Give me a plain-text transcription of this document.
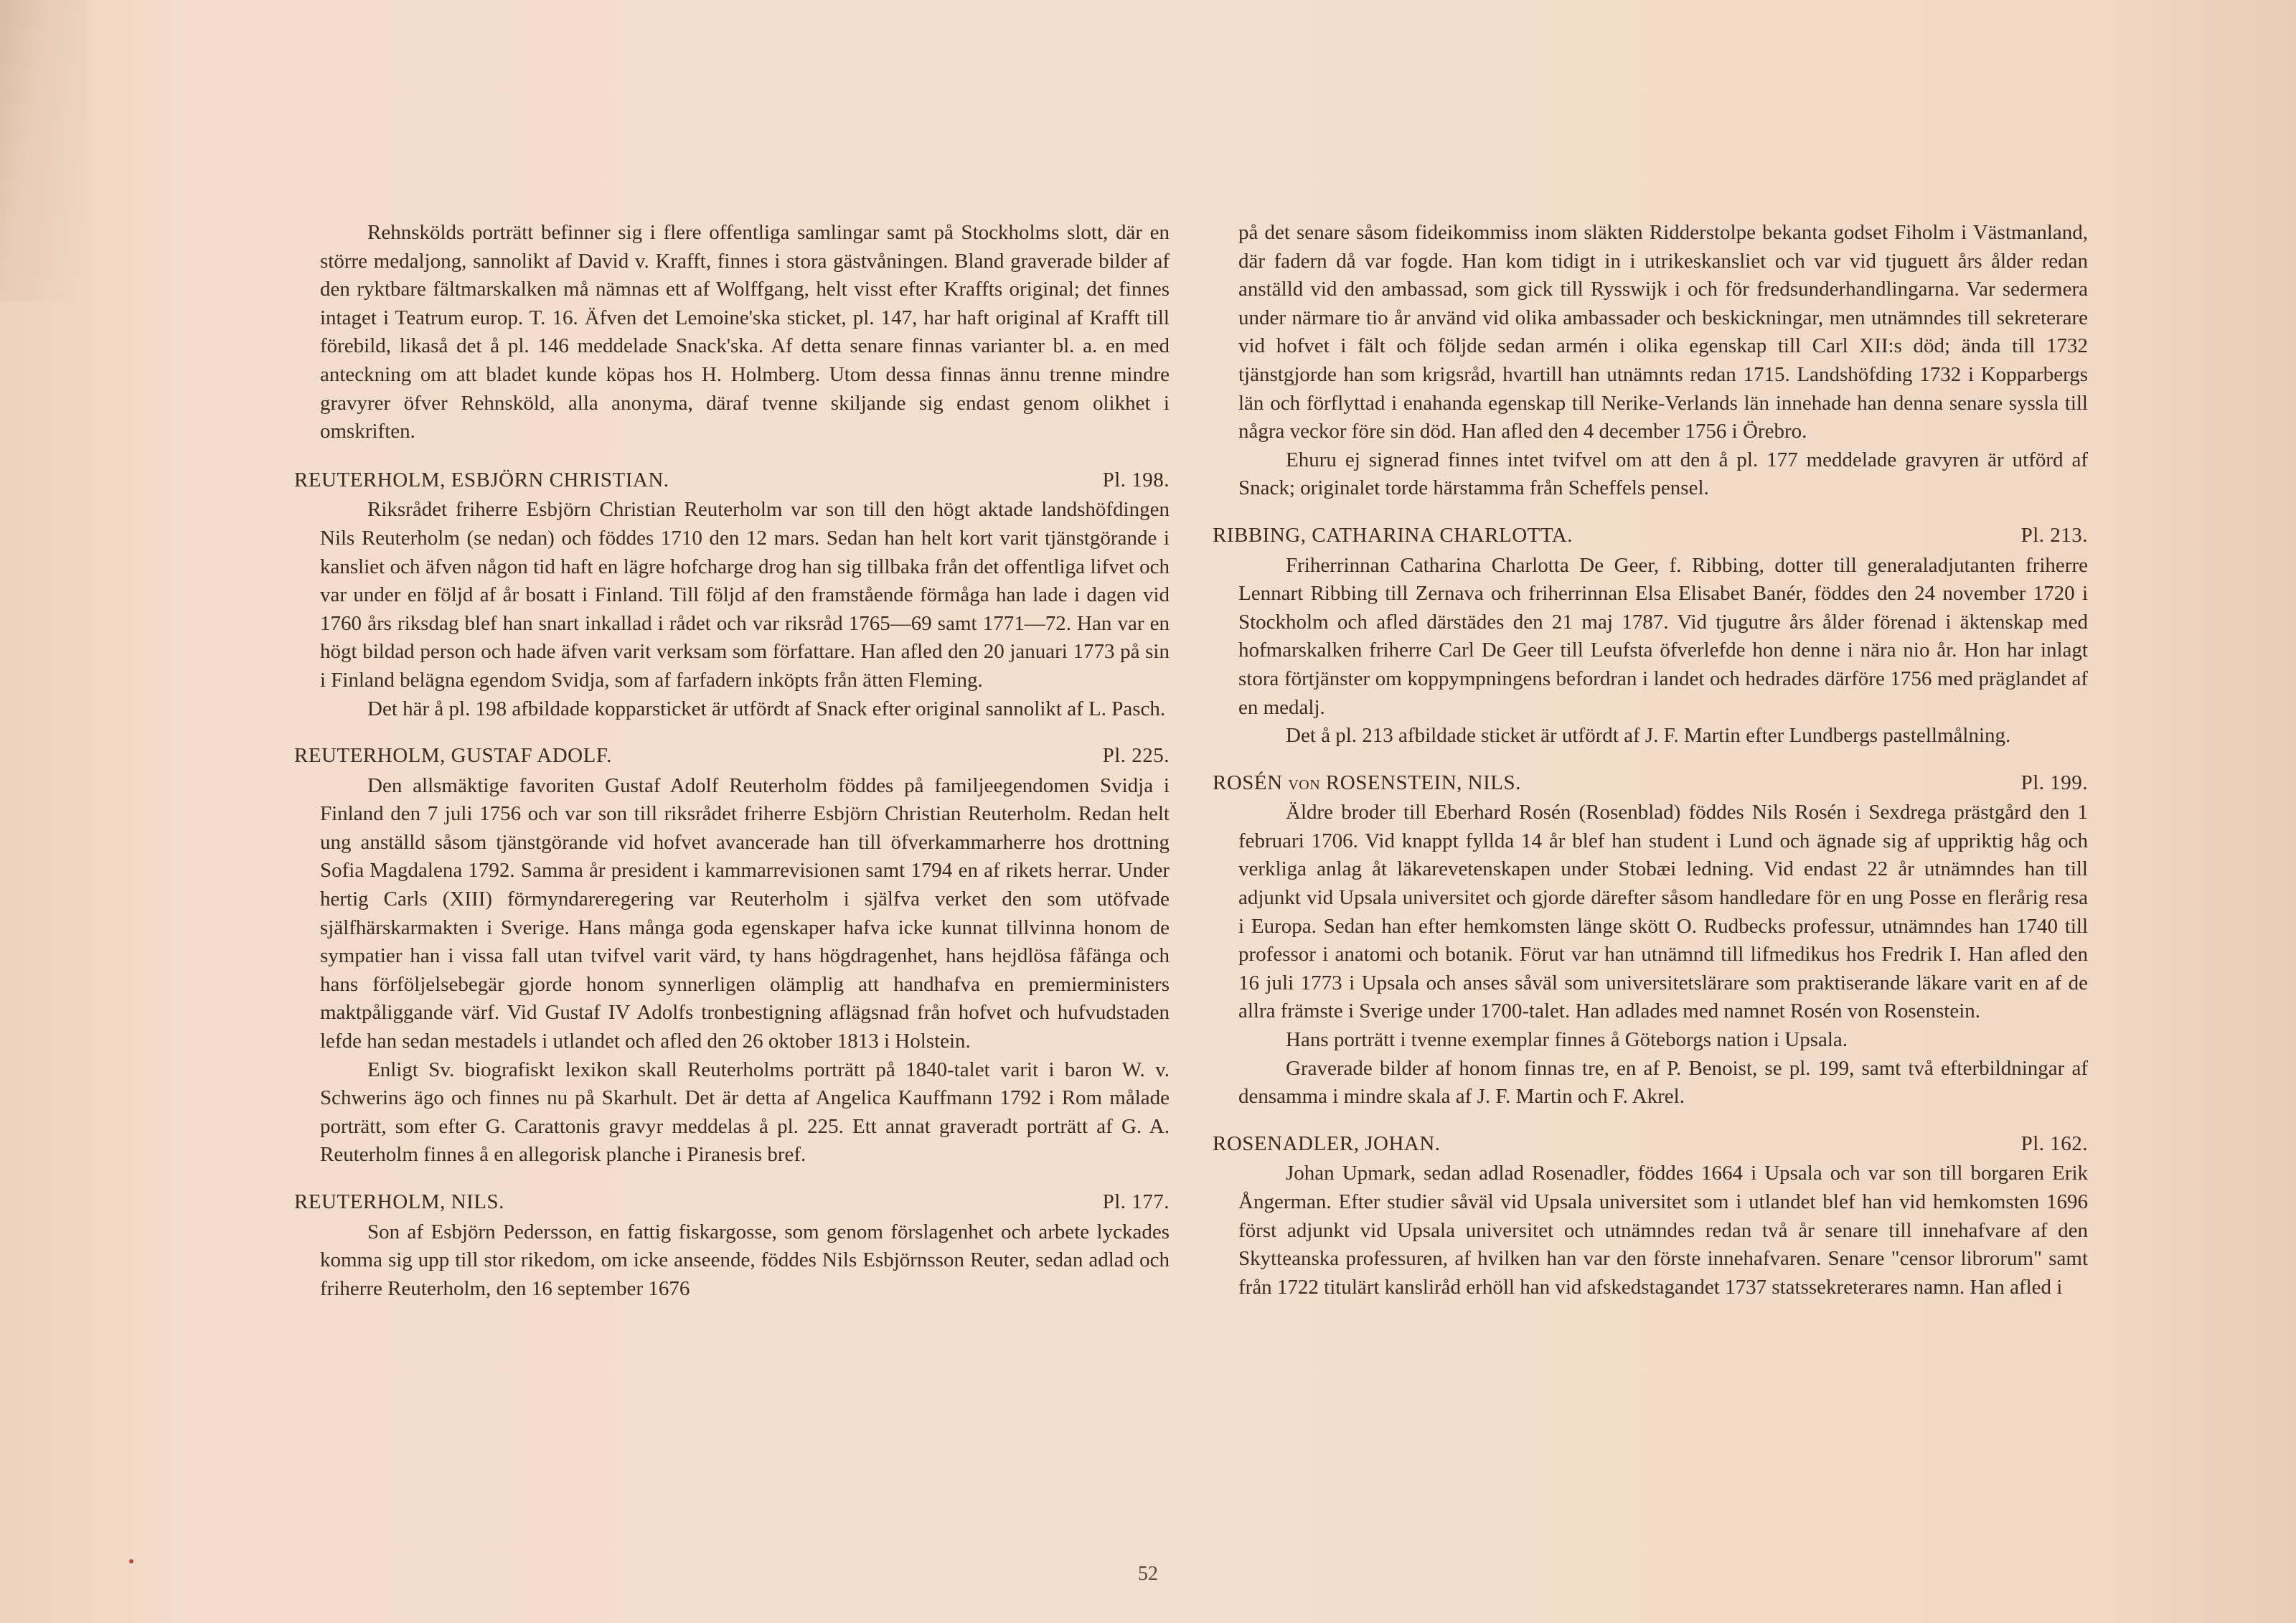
Rehnskölds porträtt befinner sig i flere offentliga samlingar samt på Stockholms slott, där en större medaljong, sannolikt af David v. Krafft, finnes i stora gästvåningen. Bland graverade bilder af den ryktbare fältmarskalken må nämnas ett af Wolffgang, helt visst efter Kraffts original; det finnes intaget i Teatrum europ. T. 16. Äfven det Lemoine'ska sticket, pl. 147, har haft original af Krafft till förebild, likaså det å pl. 146 meddelade Snack'ska. Af detta senare finnas varianter bl. a. en med anteckning om att bladet kunde köpas hos H. Holmberg. Utom dessa finnas ännu trenne mindre gravyrer öfver Rehnsköld, alla anonyma, däraf tvenne skiljande sig endast genom olikhet i omskriften.

REUTERHOLM, ESBJÖRN CHRISTIAN.	Pl. 198.

Riksrådet friherre Esbjörn Christian Reuterholm var son till den högt aktade landshöfdingen Nils Reuterholm (se nedan) och föddes 1710 den 12 mars. Sedan han helt kort varit tjänstgörande i kansliet och äfven någon tid haft en lägre hofcharge drog han sig tillbaka från det offentliga lifvet och var under en följd af år bosatt i Finland. Till följd af den framstående förmåga han lade i dagen vid 1760 års riksdag blef han snart inkallad i rådet och var riksråd 1765—69 samt 1771—72. Han var en högt bildad person och hade äfven varit verksam som författare. Han afled den 20 januari 1773 på sin i Finland belägna egendom Svidja, som af farfadern inköpts från ätten Fleming.

Det här å pl. 198 afbildade kopparsticket är utfördt af Snack efter original sannolikt af L. Pasch.

REUTERHOLM, GUSTAF ADOLF.	Pl. 225.

Den allsmäktige favoriten Gustaf Adolf Reuterholm föddes på familjeegendomen Svidja i Finland den 7 juli 1756 och var son till riksrådet friherre Esbjörn Christian Reuterholm. Redan helt ung anställd såsom tjänstgörande vid hofvet avancerade han till öfverkammarherre hos drottning Sofia Magdalena 1792. Samma år president i kammarrevisionen samt 1794 en af rikets herrar. Under hertig Carls (XIII) förmyndareregering var Reuterholm i själfva verket den som utöfvade själfhärskarmakten i Sverige. Hans många goda egenskaper hafva icke kunnat tillvinna honom de sympatier han i vissa fall utan tvifvel varit värd, ty hans högdragenhet, hans hejdlösa fåfänga och hans förföljelsebegär gjorde honom synnerligen olämplig att handhafva en premierministers maktpåliggande värf. Vid Gustaf IV Adolfs tronbestigning aflägsnad från hofvet och hufvudstaden lefde han sedan mestadels i utlandet och afled den 26 oktober 1813 i Holstein.

Enligt Sv. biografiskt lexikon skall Reuterholms porträtt på 1840-talet varit i baron W. v. Schwerins ägo och finnes nu på Skarhult. Det är detta af Angelica Kauffmann 1792 i Rom målade porträtt, som efter G. Carattonis gravyr meddelas å pl. 225. Ett annat graveradt porträtt af G. A. Reuterholm finnes å en allegorisk planche i Piranesis bref.

REUTERHOLM, NILS.	Pl. 177.

Son af Esbjörn Pedersson, en fattig fiskargosse, som genom förslagenhet och arbete lyckades komma sig upp till stor rikedom, om icke anseende, föddes Nils Esbjörnsson Reuter, sedan adlad och friherre Reuterholm, den 16 september 1676

på det senare såsom fideikommiss inom släkten Ridderstolpe bekanta godset Fiholm i Västmanland, där fadern då var fogde. Han kom tidigt in i utrikeskansliet och var vid tjuguett års ålder redan anställd vid den ambassad, som gick till Rysswijk i och för fredsunderhandlingarna. Var sedermera under närmare tio år använd vid olika ambassader och beskickningar, men utnämndes till sekreterare vid hofvet i fält och följde sedan armén i olika egenskap till Carl XII:s död; ända till 1732 tjänstgjorde han som krigsråd, hvartill han utnämnts redan 1715. Landshöfding 1732 i Kopparbergs län och förflyttad i enahanda egenskap till Nerike-Verlands län innehade han denna senare syssla till några veckor före sin död. Han afled den 4 december 1756 i Örebro.

Ehuru ej signerad finnes intet tvifvel om att den å pl. 177 meddelade gravyren är utförd af Snack; originalet torde härstamma från Scheffels pensel.

RIBBING, CATHARINA CHARLOTTA.	Pl. 213.

Friherrinnan Catharina Charlotta De Geer, f. Ribbing, dotter till generaladjutanten friherre Lennart Ribbing till Zernava och friherrinnan Elsa Elisabet Banér, föddes den 24 november 1720 i Stockholm och afled därstädes den 21 maj 1787. Vid tjugutre års ålder förenad i äktenskap med hofmarskalken friherre Carl De Geer till Leufsta öfverlefde hon denne i nära nio år. Hon har inlagt stora förtjänster om koppympningens befordran i landet och hedrades därföre 1756 med präglandet af en medalj.

Det å pl. 213 afbildade sticket är utfördt af J. F. Martin efter Lundbergs pastellmålning.

ROSÉN von ROSENSTEIN, NILS.	Pl. 199.

Äldre broder till Eberhard Rosén (Rosenblad) föddes Nils Rosén i Sexdrega prästgård den 1 februari 1706. Vid knappt fyllda 14 år blef han student i Lund och ägnade sig af uppriktig håg och verkliga anlag åt läkarevetenskapen under Stobæi ledning. Vid endast 22 år utnämndes han till adjunkt vid Upsala universitet och gjorde därefter såsom handledare för en ung Posse en flerårig resa i Europa. Sedan han efter hemkomsten länge skött O. Rudbecks professur, utnämndes han 1740 till professor i anatomi och botanik. Förut var han utnämnd till lifmedikus hos Fredrik I. Han afled den 16 juli 1773 i Upsala och anses såväl som universitetslärare som praktiserande läkare varit en af de allra främste i Sverige under 1700-talet. Han adlades med namnet Rosén von Rosenstein.

Hans porträtt i tvenne exemplar finnes å Göteborgs nation i Upsala.

Graverade bilder af honom finnas tre, en af P. Benoist, se pl. 199, samt två efterbildningar af densamma i mindre skala af J. F. Martin och F. Akrel.

ROSENADLER, JOHAN.	Pl. 162.

Johan Upmark, sedan adlad Rosenadler, föddes 1664 i Upsala och var son till borgaren Erik Ångerman. Efter studier såväl vid Upsala universitet som i utlandet blef han vid hemkomsten 1696 först adjunkt vid Upsala universitet och utnämndes redan två år senare till innehafvare af den Skytteanska professuren, af hvilken han var den förste innehafvaren. Senare "censor librorum" samt från 1722 titulärt kansliråd erhöll han vid afskedstagandet 1737 statssekreterares namn. Han afled i

52
